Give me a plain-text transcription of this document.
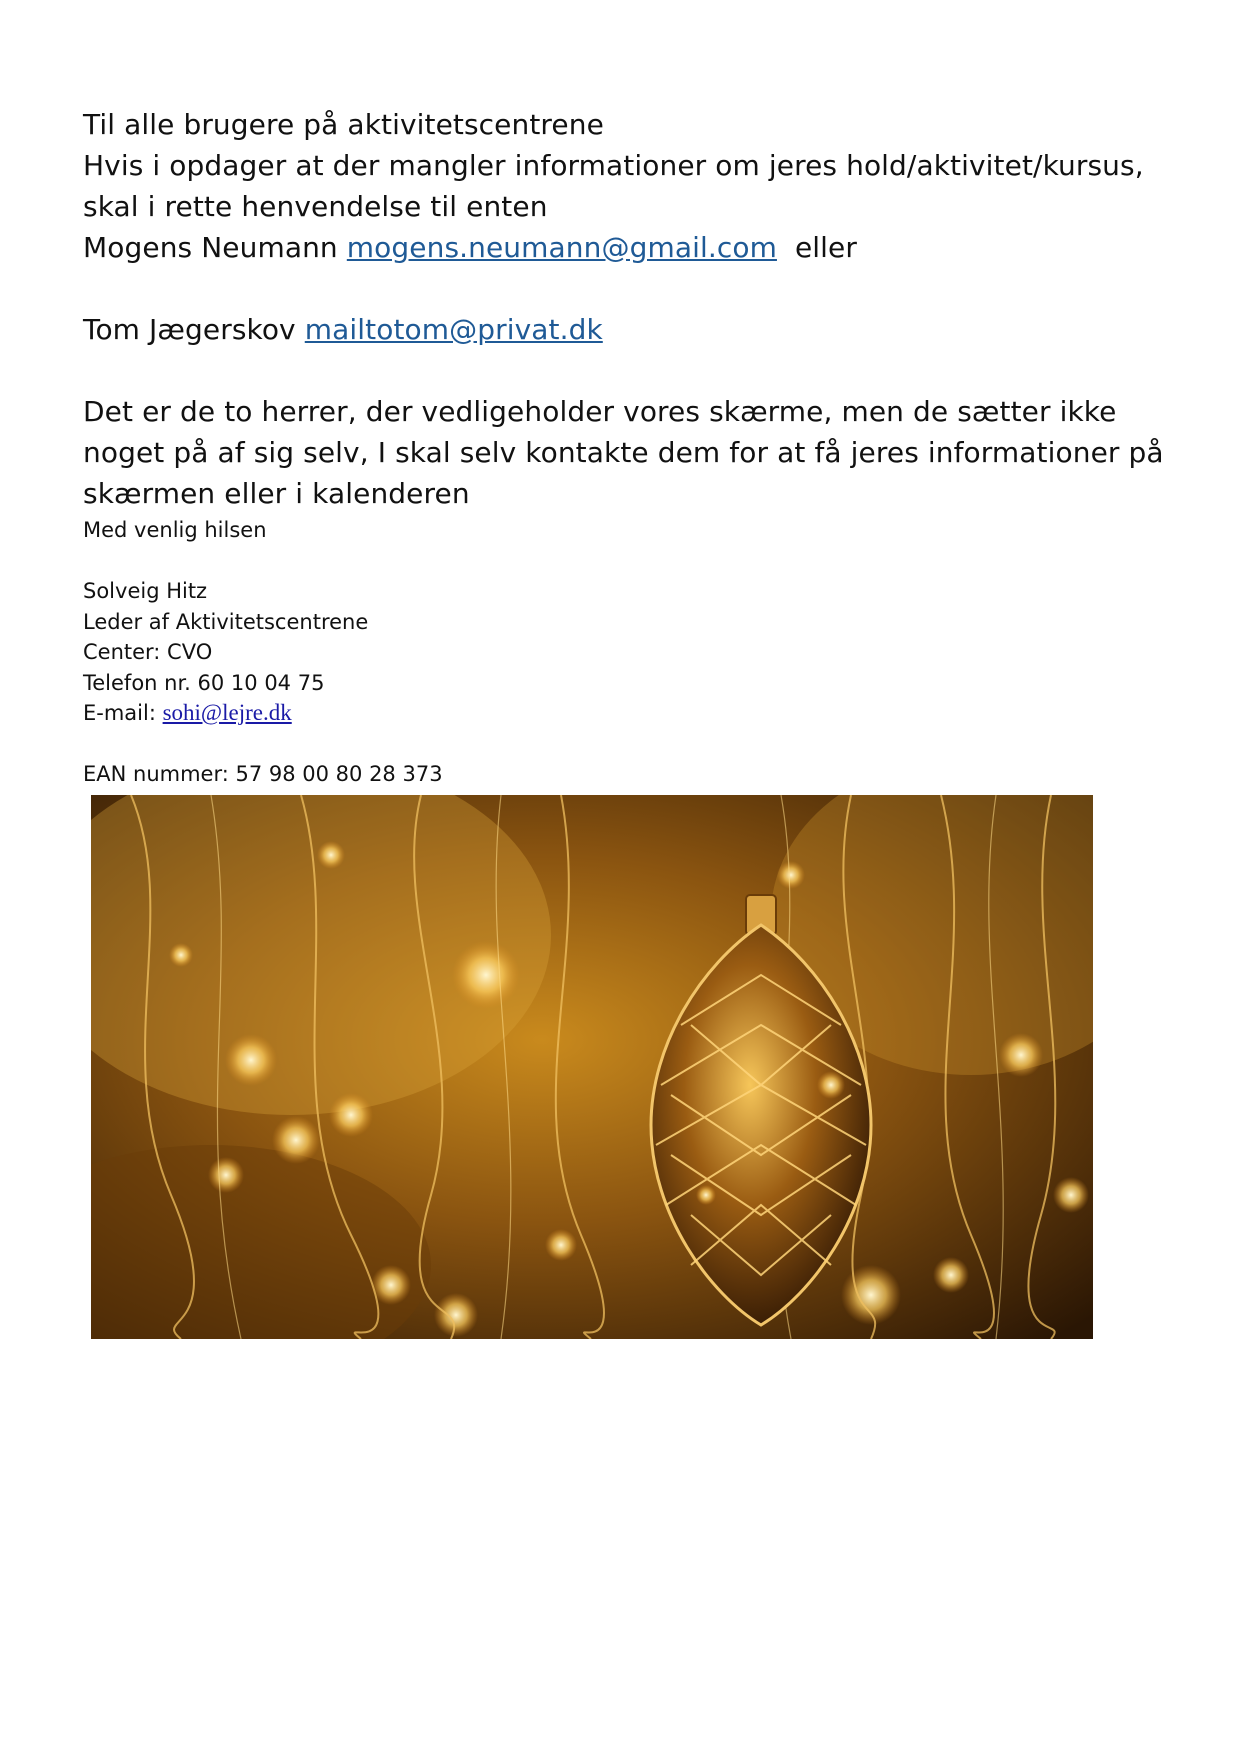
Til alle brugere på aktivitetscentrene
Hvis i opdager at der mangler informationer om jeres hold/aktivitet/kursus,
skal i rette henvendelse til enten
Mogens Neumann mogens.neumann@gmail.com eller

Tom Jægerskov mailtotom@privat.dk

Det er de to herrer, der vedligeholder vores skærme, men de sætter ikke
noget på af sig selv, I skal selv kontakte dem for at få jeres informationer på
skærmen eller i kalenderen

Med venlig hilsen

Solveig Hitz
Leder af Aktivitetscentrene
Center: CVO
Telefon nr. 60 10 04 75
E-mail: sohi@lejre.dk

EAN nummer: 57 98 00 80 28 373
